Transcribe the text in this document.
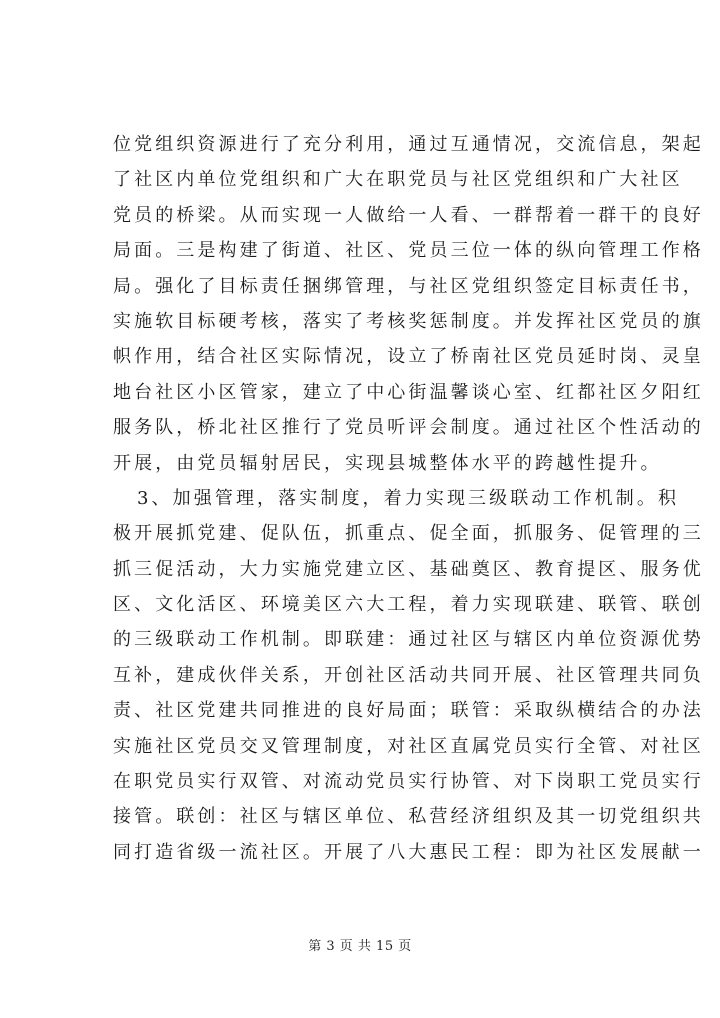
位党组织资源进行了充分利用，通过互通情况，交流信息，架起
了社区内单位党组织和广大在职党员与社区党组织和广大社区
党员的桥梁。从而实现一人做给一人看、一群帮着一群干的良好
局面。三是构建了街道、社区、党员三位一体的纵向管理工作格
局。强化了目标责任捆绑管理，与社区党组织签定目标责任书，
实施软目标硬考核，落实了考核奖惩制度。并发挥社区党员的旗
帜作用，结合社区实际情况，设立了桥南社区党员延时岗、灵皇
地台社区小区管家，建立了中心街温馨谈心室、红都社区夕阳红
服务队，桥北社区推行了党员听评会制度。通过社区个性活动的
开展，由党员辐射居民，实现县城整体水平的跨越性提升。
3、加强管理，落实制度，着力实现三级联动工作机制。积
极开展抓党建、促队伍，抓重点、促全面，抓服务、促管理的三
抓三促活动，大力实施党建立区、基础奠区、教育提区、服务优
区、文化活区、环境美区六大工程，着力实现联建、联管、联创
的三级联动工作机制。即联建：通过社区与辖区内单位资源优势
互补，建成伙伴关系，开创社区活动共同开展、社区管理共同负
责、社区党建共同推进的良好局面；联管：采取纵横结合的办法
实施社区党员交叉管理制度，对社区直属党员实行全管、对社区
在职党员实行双管、对流动党员实行协管、对下岗职工党员实行
接管。联创：社区与辖区单位、私营经济组织及其一切党组织共
同打造省级一流社区。开展了八大惠民工程：即为社区发展献一
第 3 页 共 15 页
